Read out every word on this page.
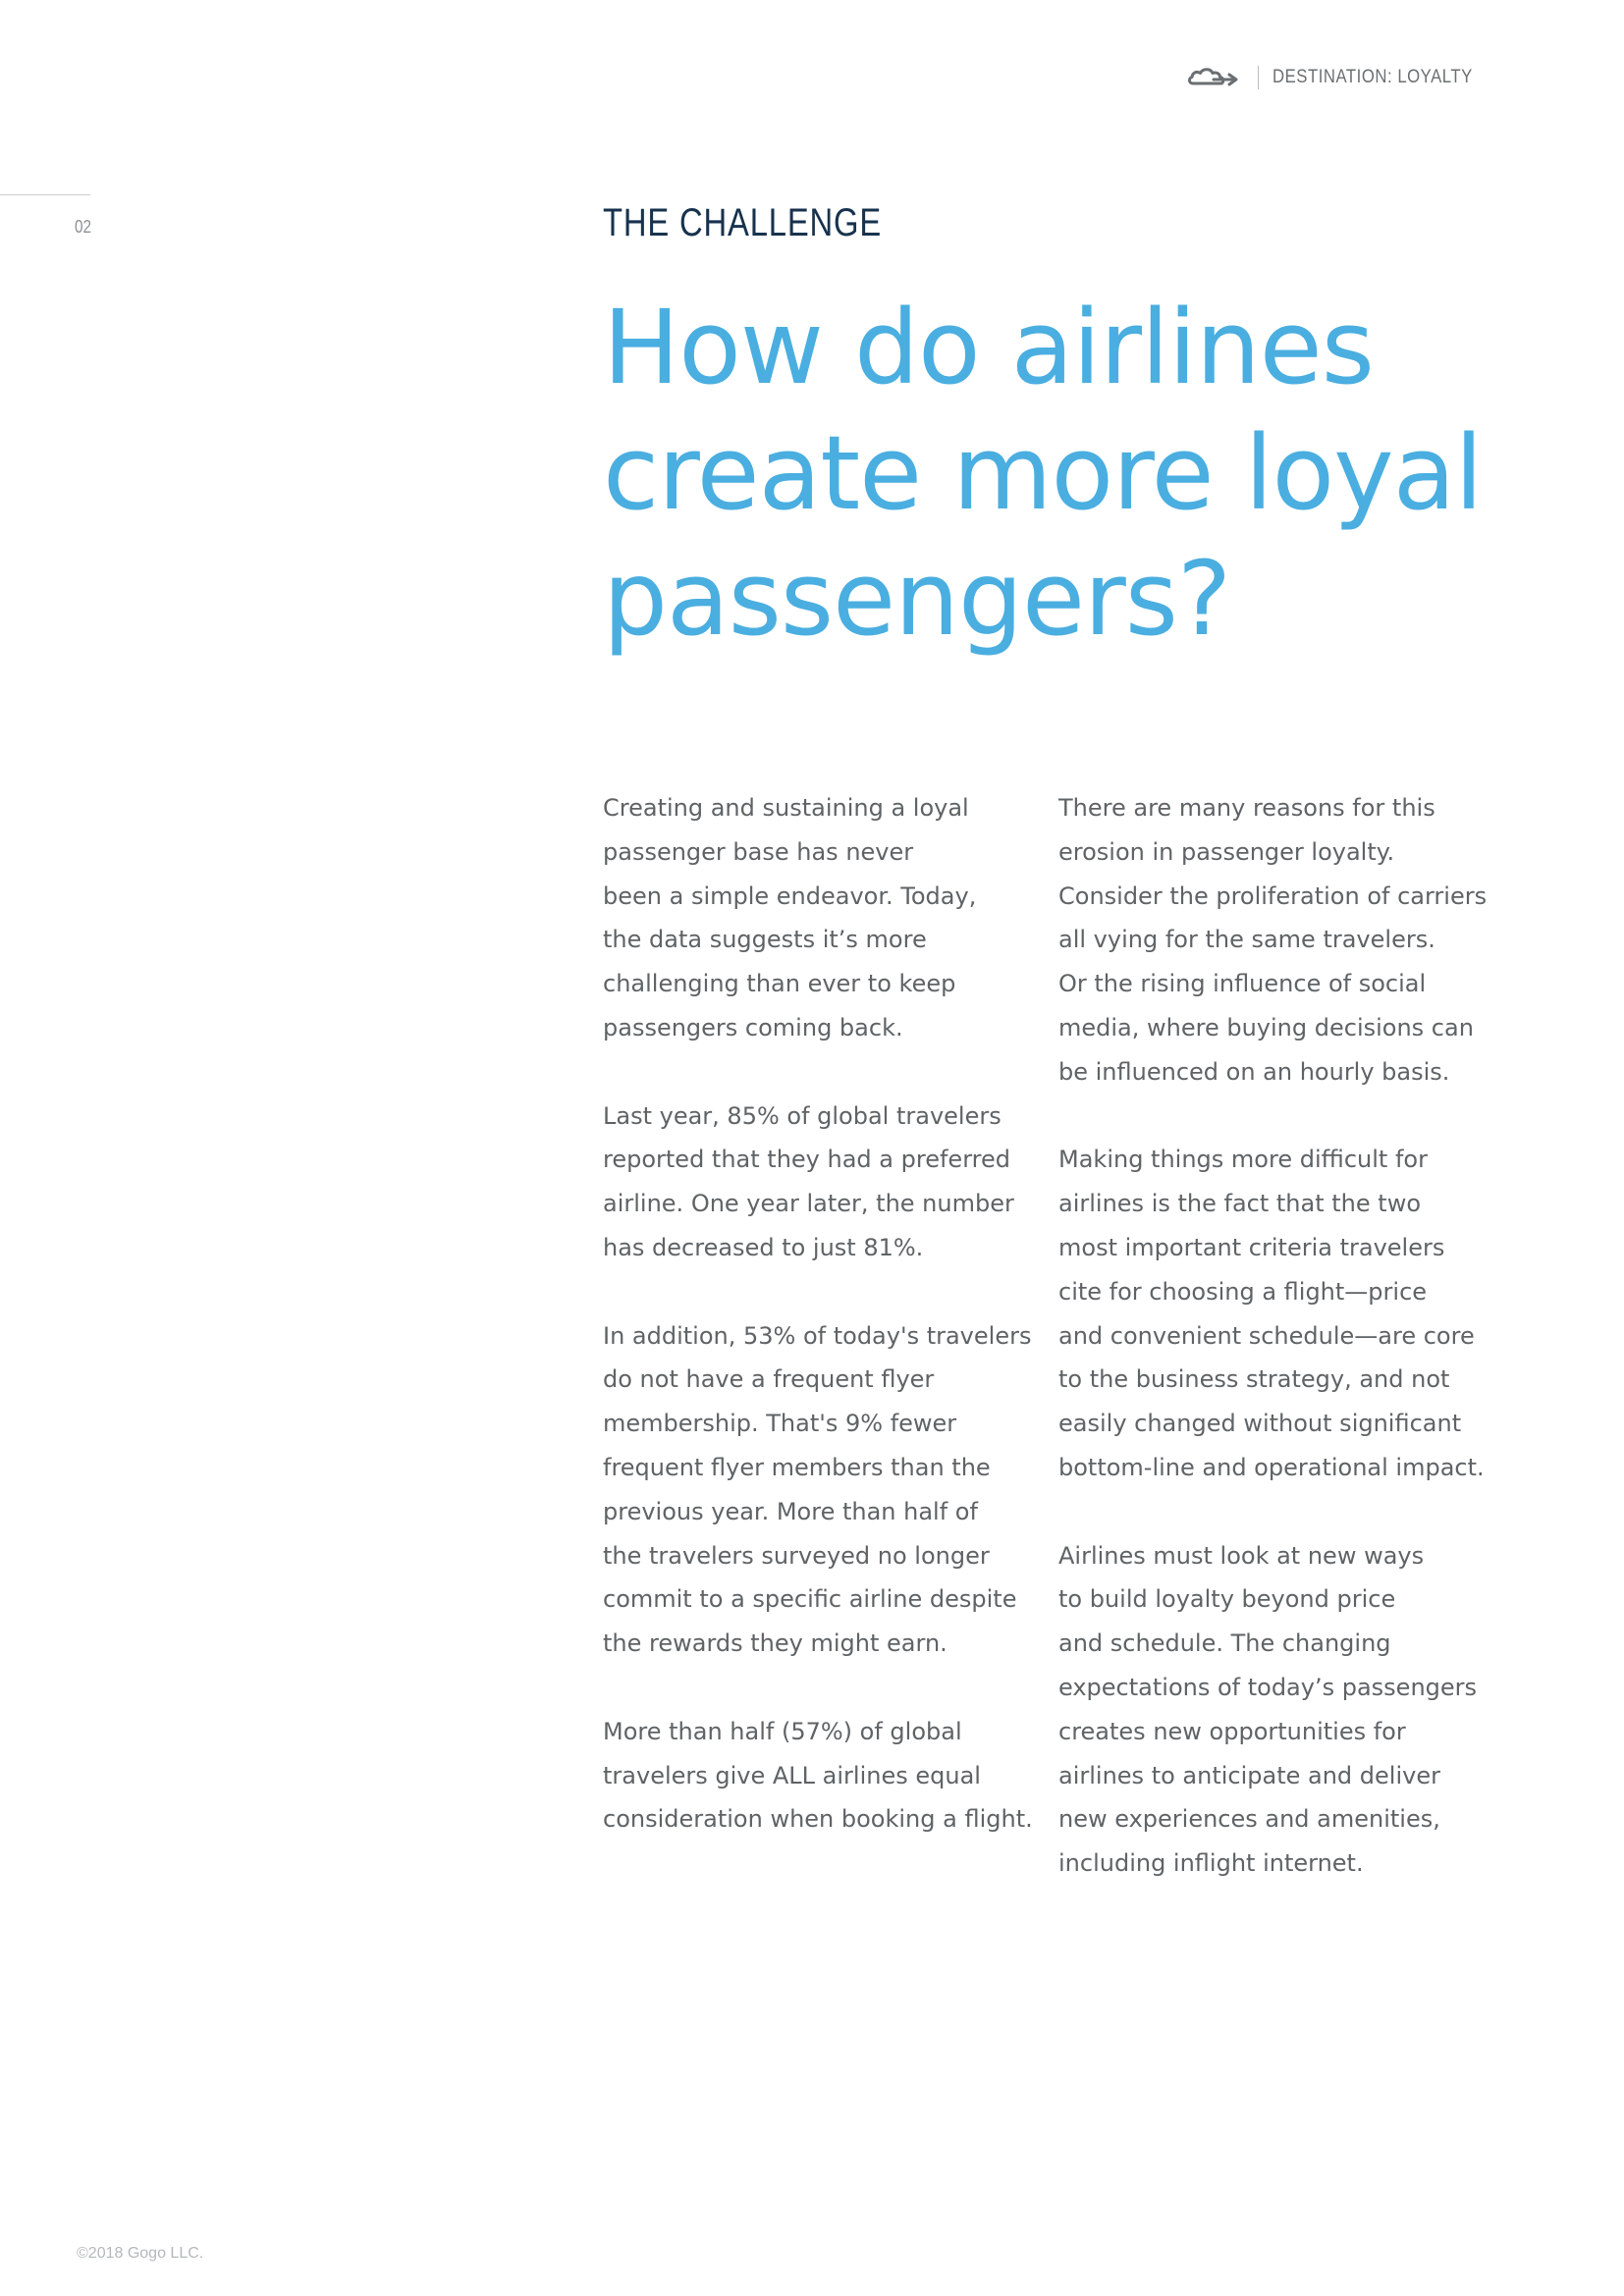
DESTINATION: LOYALTY
02	THE CHALLENGE
How do airlines
create more loyal
passengers?

Creating and sustaining a loyal
passenger base has never
been a simple endeavor. Today,
the data suggests it’s more
challenging than ever to keep
passengers coming back.

Last year, 85% of global travelers
reported that they had a preferred
airline. One year later, the number
has decreased to just 81%.

In addition, 53% of today's travelers
do not have a frequent flyer
membership. That's 9% fewer
frequent flyer members than the
previous year. More than half of
the travelers surveyed no longer
commit to a specific airline despite
the rewards they might earn.

More than half (57%) of global
travelers give ALL airlines equal
consideration when booking a flight.

There are many reasons for this
erosion in passenger loyalty.
Consider the proliferation of carriers
all vying for the same travelers.
Or the rising influence of social
media, where buying decisions can
be influenced on an hourly basis.

Making things more difficult for
airlines is the fact that the two
most important criteria travelers
cite for choosing a flight—price
and convenient schedule—are core
to the business strategy, and not
easily changed without significant
bottom-line and operational impact.

Airlines must look at new ways
to build loyalty beyond price
and schedule. The changing
expectations of today’s passengers
creates new opportunities for
airlines to anticipate and deliver
new experiences and amenities,
including inflight internet.

©2018 Gogo LLC.
